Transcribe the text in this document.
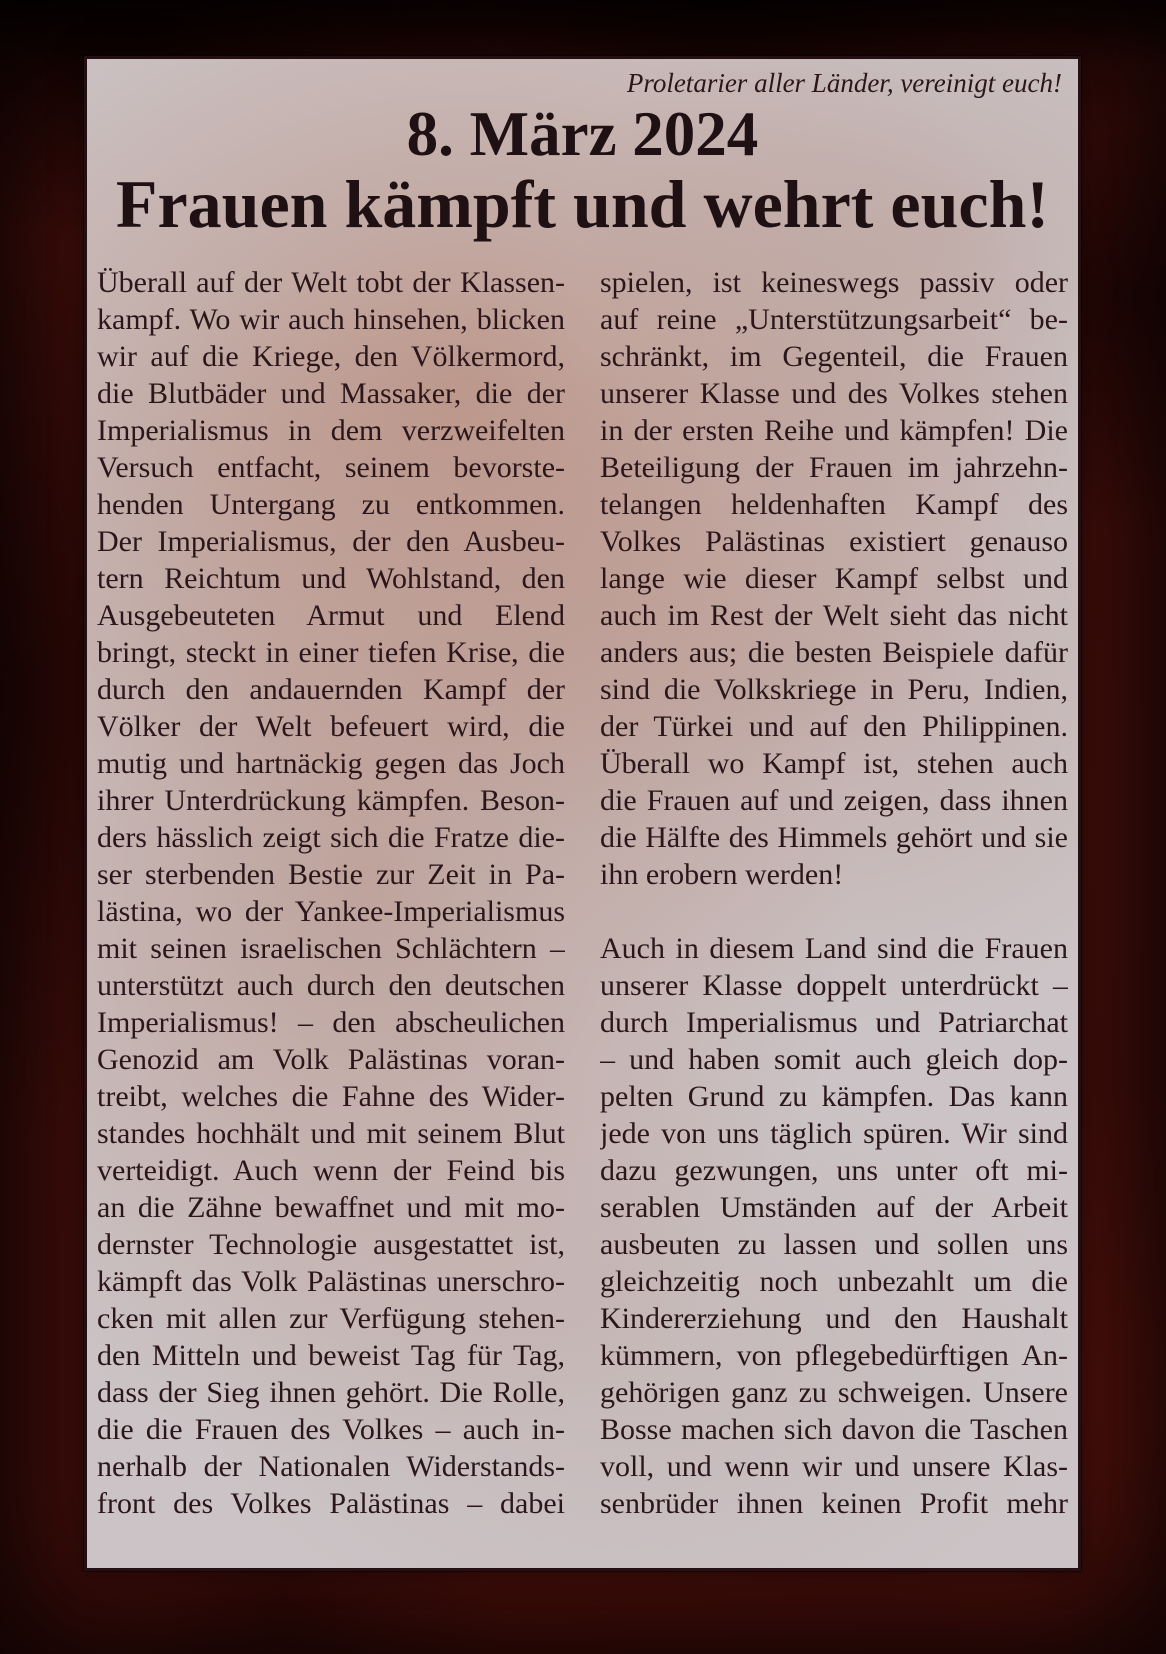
Proletarier aller Länder, vereinigt euch!
8. März 2024
Frauen kämpft und wehrt euch!
Überall auf der Welt tobt der Klassen-
kampf. Wo wir auch hinsehen, blicken
wir auf die Kriege, den Völkermord,
die Blutbäder und Massaker, die der
Imperialismus in dem verzweifelten
Versuch entfacht, seinem bevorste-
henden Untergang zu entkommen.
Der Imperialismus, der den Ausbeu-
tern Reichtum und Wohlstand, den
Ausgebeuteten Armut und Elend
bringt, steckt in einer tiefen Krise, die
durch den andauernden Kampf der
Völker der Welt befeuert wird, die
mutig und hartnäckig gegen das Joch
ihrer Unterdrückung kämpfen. Beson-
ders hässlich zeigt sich die Fratze die-
ser sterbenden Bestie zur Zeit in Pa-
lästina, wo der Yankee-Imperialismus
mit seinen israelischen Schlächtern –
unterstützt auch durch den deutschen
Imperialismus! – den abscheulichen
Genozid am Volk Palästinas voran-
treibt, welches die Fahne des Wider-
standes hochhält und mit seinem Blut
verteidigt. Auch wenn der Feind bis
an die Zähne bewaffnet und mit mo-
dernster Technologie ausgestattet ist,
kämpft das Volk Palästinas unerschro-
cken mit allen zur Verfügung stehen-
den Mitteln und beweist Tag für Tag,
dass der Sieg ihnen gehört. Die Rolle,
die die Frauen des Volkes – auch in-
nerhalb der Nationalen Widerstands-
front des Volkes Palästinas – dabei
spielen, ist keineswegs passiv oder
auf reine „Unterstützungsarbeit“ be-
schränkt, im Gegenteil, die Frauen
unserer Klasse und des Volkes stehen
in der ersten Reihe und kämpfen! Die
Beteiligung der Frauen im jahrzehn-
telangen heldenhaften Kampf des
Volkes Palästinas existiert genauso
lange wie dieser Kampf selbst und
auch im Rest der Welt sieht das nicht
anders aus; die besten Beispiele dafür
sind die Volkskriege in Peru, Indien,
der Türkei und auf den Philippinen.
Überall wo Kampf ist, stehen auch
die Frauen auf und zeigen, dass ihnen
die Hälfte des Himmels gehört und sie
ihn erobern werden!
Auch in diesem Land sind die Frauen
unserer Klasse doppelt unterdrückt –
durch Imperialismus und Patriarchat
– und haben somit auch gleich dop-
pelten Grund zu kämpfen. Das kann
jede von uns täglich spüren. Wir sind
dazu gezwungen, uns unter oft mi-
serablen Umständen auf der Arbeit
ausbeuten zu lassen und sollen uns
gleichzeitig noch unbezahlt um die
Kindererziehung und den Haushalt
kümmern, von pflegebedürftigen An-
gehörigen ganz zu schweigen. Unsere
Bosse machen sich davon die Taschen
voll, und wenn wir und unsere Klas-
senbrüder ihnen keinen Profit mehr
